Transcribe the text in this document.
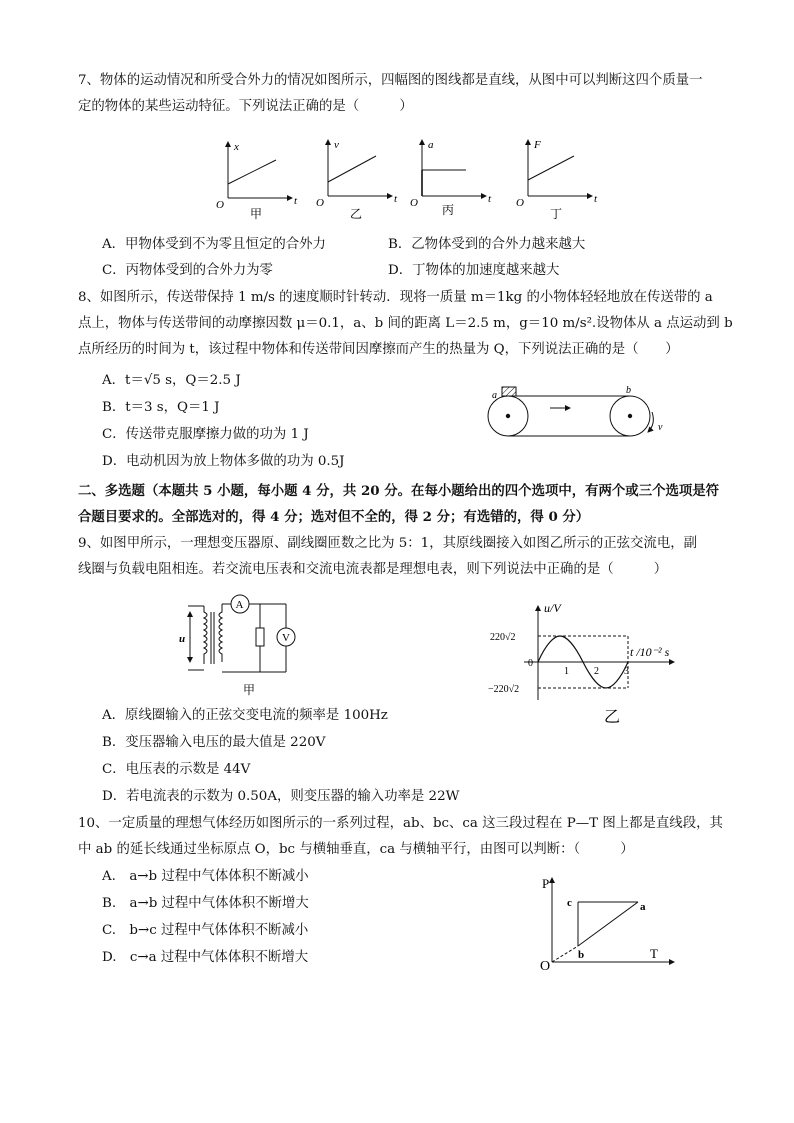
7、物体的运动情况和所受合外力的情况如图所示，四幅图的图线都是直线，从图中可以判断这四个质量一
定的物体的某些运动特征。下列说法正确的是（　　　）
x
t
O
甲
v
t
O
乙
a
t
O 丙
F
t
O
丁
A．甲物体受到不为零且恒定的合外力	B．乙物体受到的合外力越来越大
C．丙物体受到的合外力为零	D．丁物体的加速度越来越大
8、如图所示，传送带保持 1 m/s 的速度顺时针转动．现将一质量 m＝1kg 的小物体轻轻地放在传送带的 a
点上，物体与传送带间的动摩擦因数 μ＝0.1，a、b 间的距离 L＝2.5 m，g＝10 m/s².设物体从 a 点运动到 b
点所经历的时间为 t，该过程中物体和传送带间因摩擦而产生的热量为 Q，下列说法正确的是（　　）
A．t＝√5 s，Q＝2.5 J
B．t＝3 s，Q＝1 J
C．传送带克服摩擦力做的功为 1 J
D．电动机因为放上物体多做的功为 0.5J
a	b
v
二、多选题（本题共 5 小题，每小题 4 分，共 20 分。在每小题给出的四个选项中，有两个或三个选项是符
合题目要求的。全部选对的，得 4 分；选对但不全的，得 2 分；有选错的，得 0 分）
9、如图甲所示，一理想变压器原、副线圈匝数之比为 5：1，其原线圈接入如图乙所示的正弦交流电，副
线圈与负载电阻相连。若交流电压表和交流电流表都是理想电表，则下列说法中正确的是（　　　）
u
A
V
甲
u/V
220√2
−220√2
0
t /10⁻² s
1	2	3
乙
A．原线圈输入的正弦交变电流的频率是 100Hz
B．变压器输入电压的最大值是 220V
C．电压表的示数是 44V
D．若电流表的示数为 0.50A，则变压器的输入功率是 22W
10、一定质量的理想气体经历如图所示的一系列过程，ab、bc、ca 这三段过程在 P—T 图上都是直线段，其
中 ab 的延长线通过坐标原点 O，bc 与横轴垂直，ca 与横轴平行，由图可以判断：（　　　）
A.　a→b 过程中气体体积不断减小
B.　a→b 过程中气体体积不断增大
C.　b→c 过程中气体体积不断减小
D.　c→a 过程中气体体积不断增大
P
O
T
c	a
b
